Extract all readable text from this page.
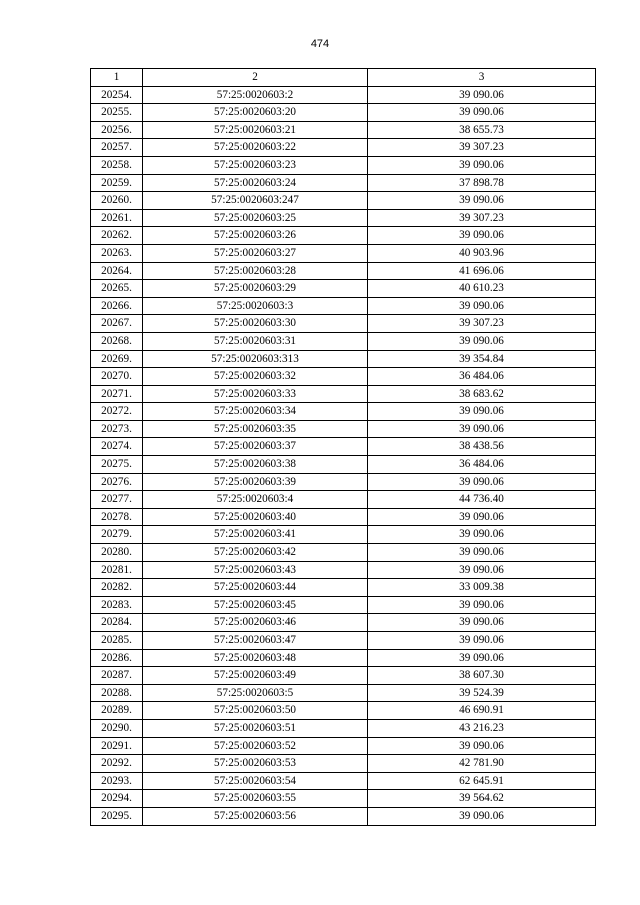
474
1	2	3
20254.	57:25:0020603:2	39 090.06
20255.	57:25:0020603:20	39 090.06
20256.	57:25:0020603:21	38 655.73
20257.	57:25:0020603:22	39 307.23
20258.	57:25:0020603:23	39 090.06
20259.	57:25:0020603:24	37 898.78
20260.	57:25:0020603:247	39 090.06
20261.	57:25:0020603:25	39 307.23
20262.	57:25:0020603:26	39 090.06
20263.	57:25:0020603:27	40 903.96
20264.	57:25:0020603:28	41 696.06
20265.	57:25:0020603:29	40 610.23
20266.	57:25:0020603:3	39 090.06
20267.	57:25:0020603:30	39 307.23
20268.	57:25:0020603:31	39 090.06
20269.	57:25:0020603:313	39 354.84
20270.	57:25:0020603:32	36 484.06
20271.	57:25:0020603:33	38 683.62
20272.	57:25:0020603:34	39 090.06
20273.	57:25:0020603:35	39 090.06
20274.	57:25:0020603:37	38 438.56
20275.	57:25:0020603:38	36 484.06
20276.	57:25:0020603:39	39 090.06
20277.	57:25:0020603:4	44 736.40
20278.	57:25:0020603:40	39 090.06
20279.	57:25:0020603:41	39 090.06
20280.	57:25:0020603:42	39 090.06
20281.	57:25:0020603:43	39 090.06
20282.	57:25:0020603:44	33 009.38
20283.	57:25:0020603:45	39 090.06
20284.	57:25:0020603:46	39 090.06
20285.	57:25:0020603:47	39 090.06
20286.	57:25:0020603:48	39 090.06
20287.	57:25:0020603:49	38 607.30
20288.	57:25:0020603:5	39 524.39
20289.	57:25:0020603:50	46 690.91
20290.	57:25:0020603:51	43 216.23
20291.	57:25:0020603:52	39 090.06
20292.	57:25:0020603:53	42 781.90
20293.	57:25:0020603:54	62 645.91
20294.	57:25:0020603:55	39 564.62
20295.	57:25:0020603:56	39 090.06
